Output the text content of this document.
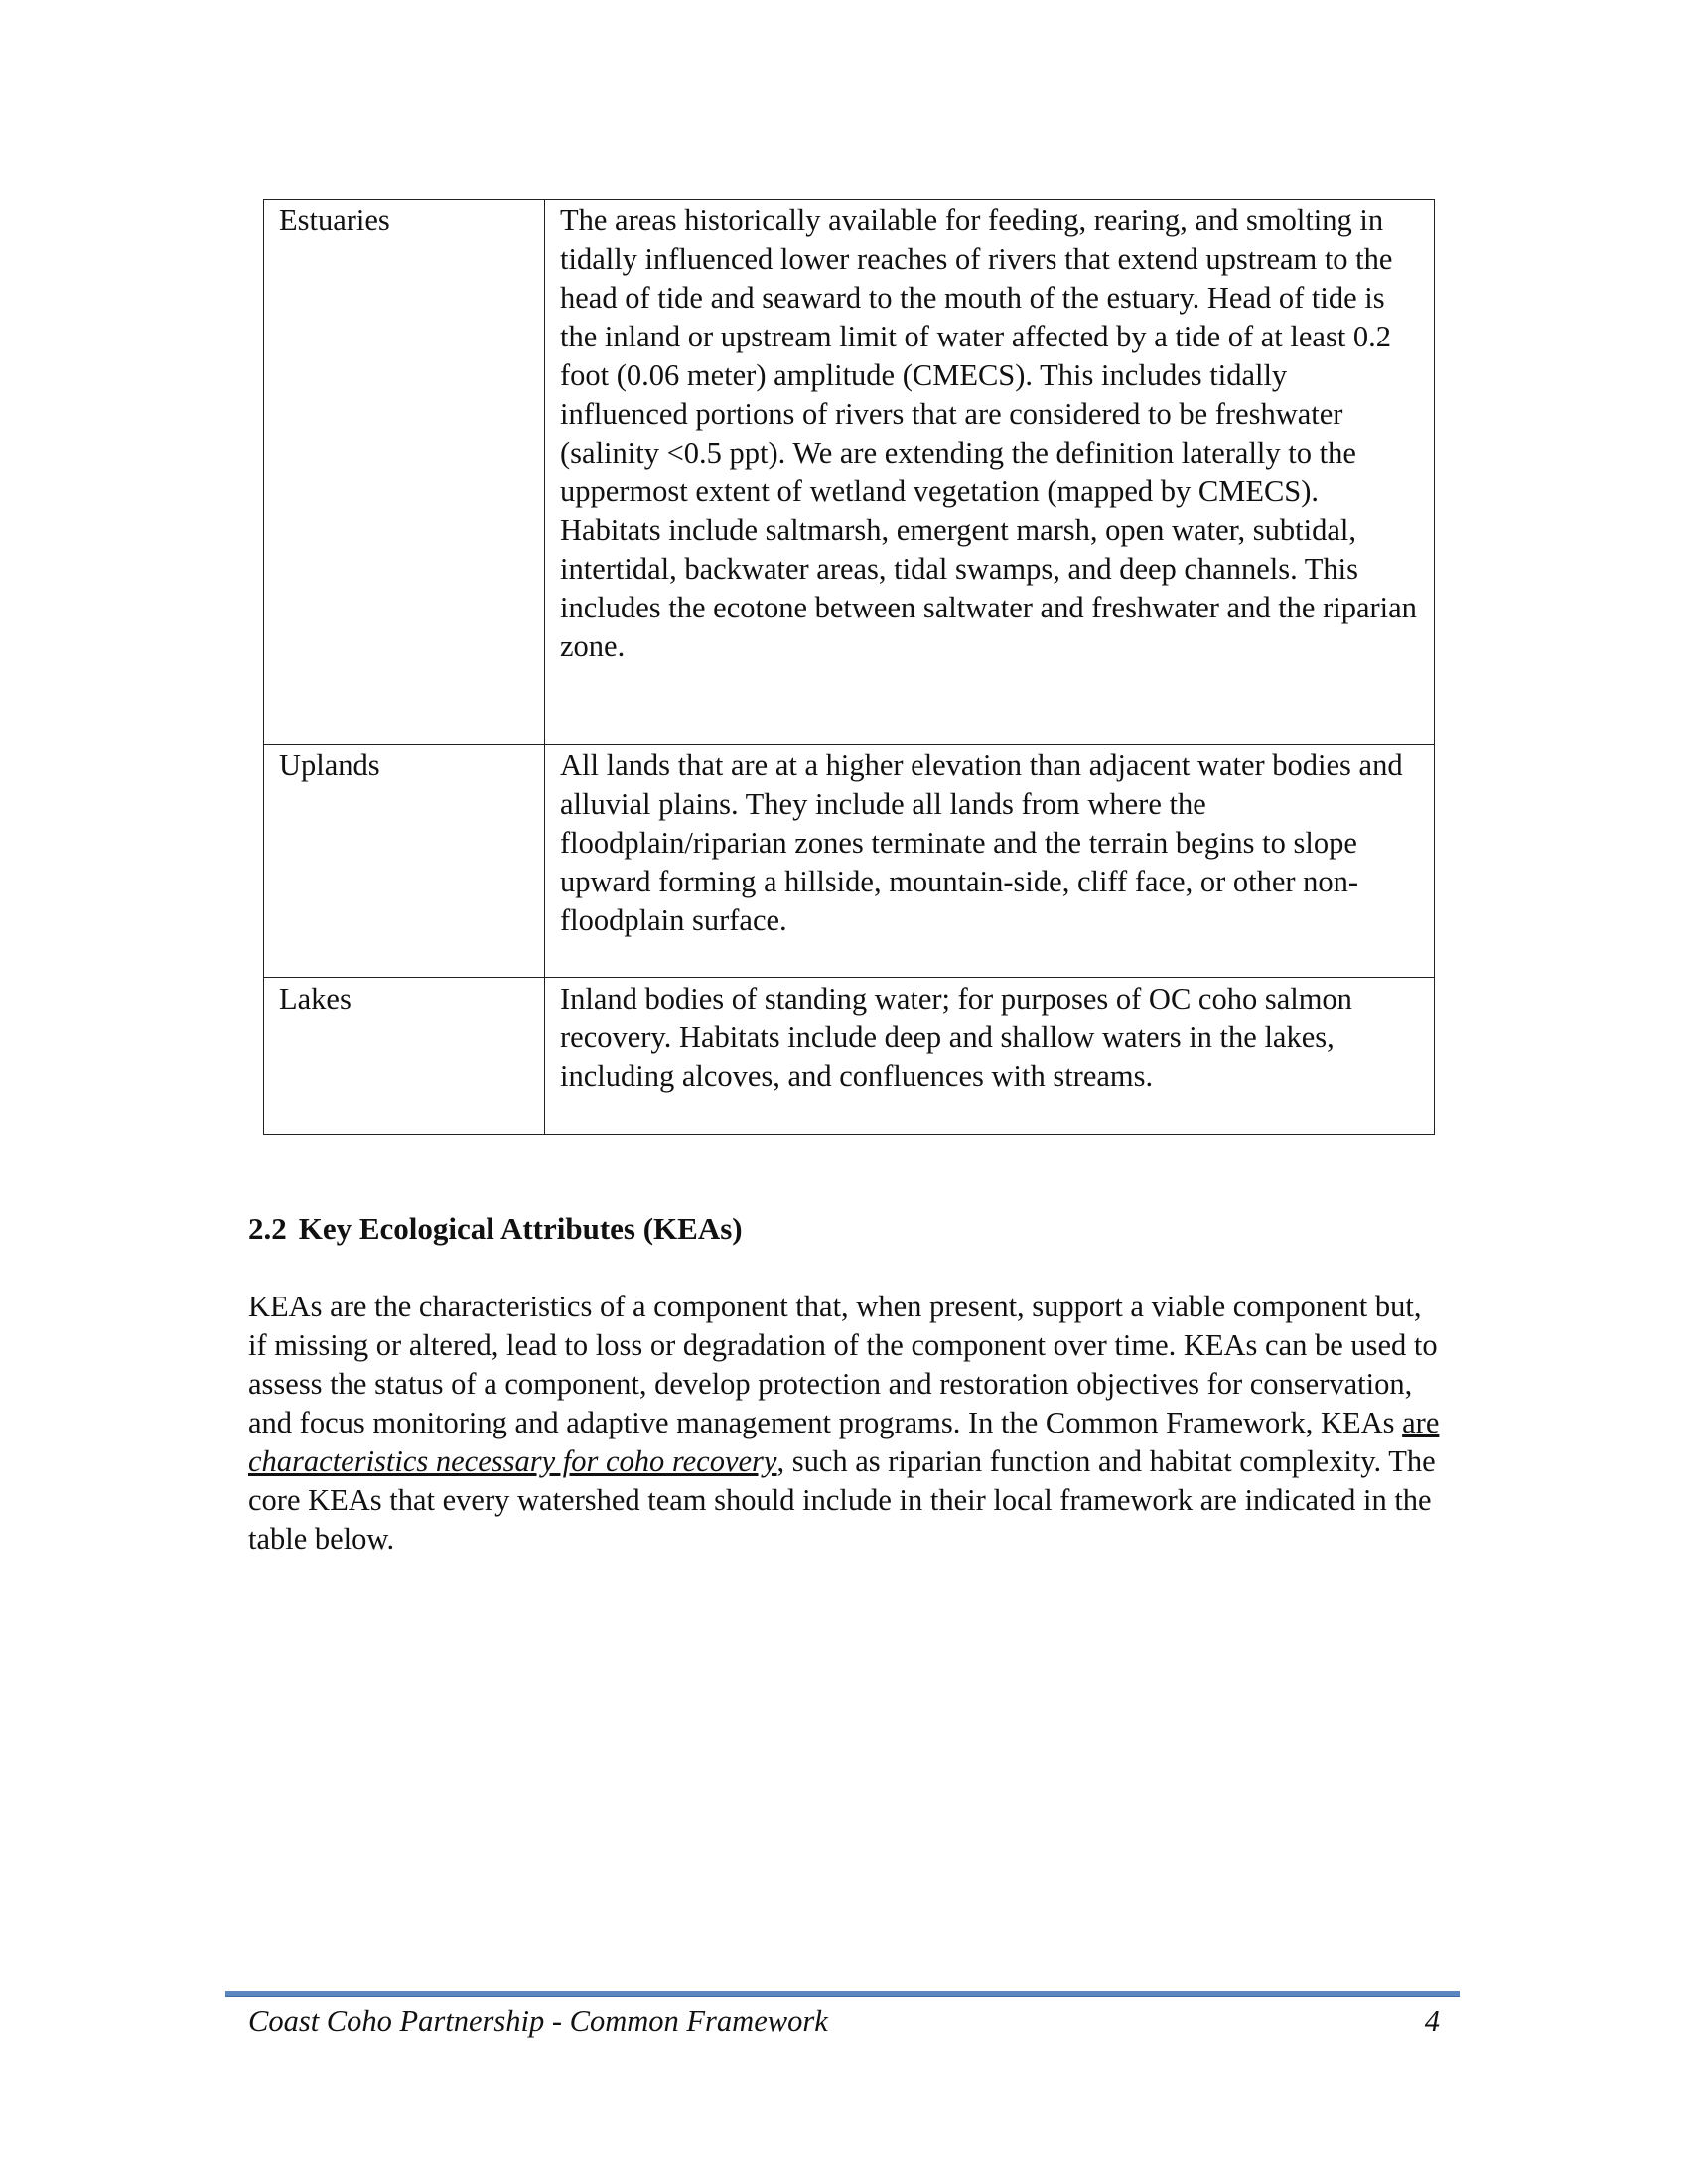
Estuaries	The areas historically available for feeding, rearing, and smolting in tidally influenced lower reaches of rivers that extend upstream to the head of tide and seaward to the mouth of the estuary. Head of tide is the inland or upstream limit of water affected by a tide of at least 0.2 foot (0.06 meter) amplitude (CMECS). This includes tidally influenced portions of rivers that are considered to be freshwater (salinity <0.5 ppt). We are extending the definition laterally to the uppermost extent of wetland vegetation (mapped by CMECS). Habitats include saltmarsh, emergent marsh, open water, subtidal, intertidal, backwater areas, tidal swamps, and deep channels. This includes the ecotone between saltwater and freshwater and the riparian zone.
Uplands	All lands that are at a higher elevation than adjacent water bodies and alluvial plains. They include all lands from where the floodplain/riparian zones terminate and the terrain begins to slope upward forming a hillside, mountain-side, cliff face, or other non-floodplain surface.
Lakes	Inland bodies of standing water; for purposes of OC coho salmon recovery. Habitats include deep and shallow waters in the lakes, including alcoves, and confluences with streams.
2.2 Key Ecological Attributes (KEAs)

KEAs are the characteristics of a component that, when present, support a viable component but, if missing or altered, lead to loss or degradation of the component over time. KEAs can be used to assess the status of a component, develop protection and restoration objectives for conservation, and focus monitoring and adaptive management programs. In the Common Framework, KEAs are characteristics necessary for coho recovery, such as riparian function and habitat complexity. The core KEAs that every watershed team should include in their local framework are indicated in the table below.

Coast Coho Partnership - Common Framework	4
